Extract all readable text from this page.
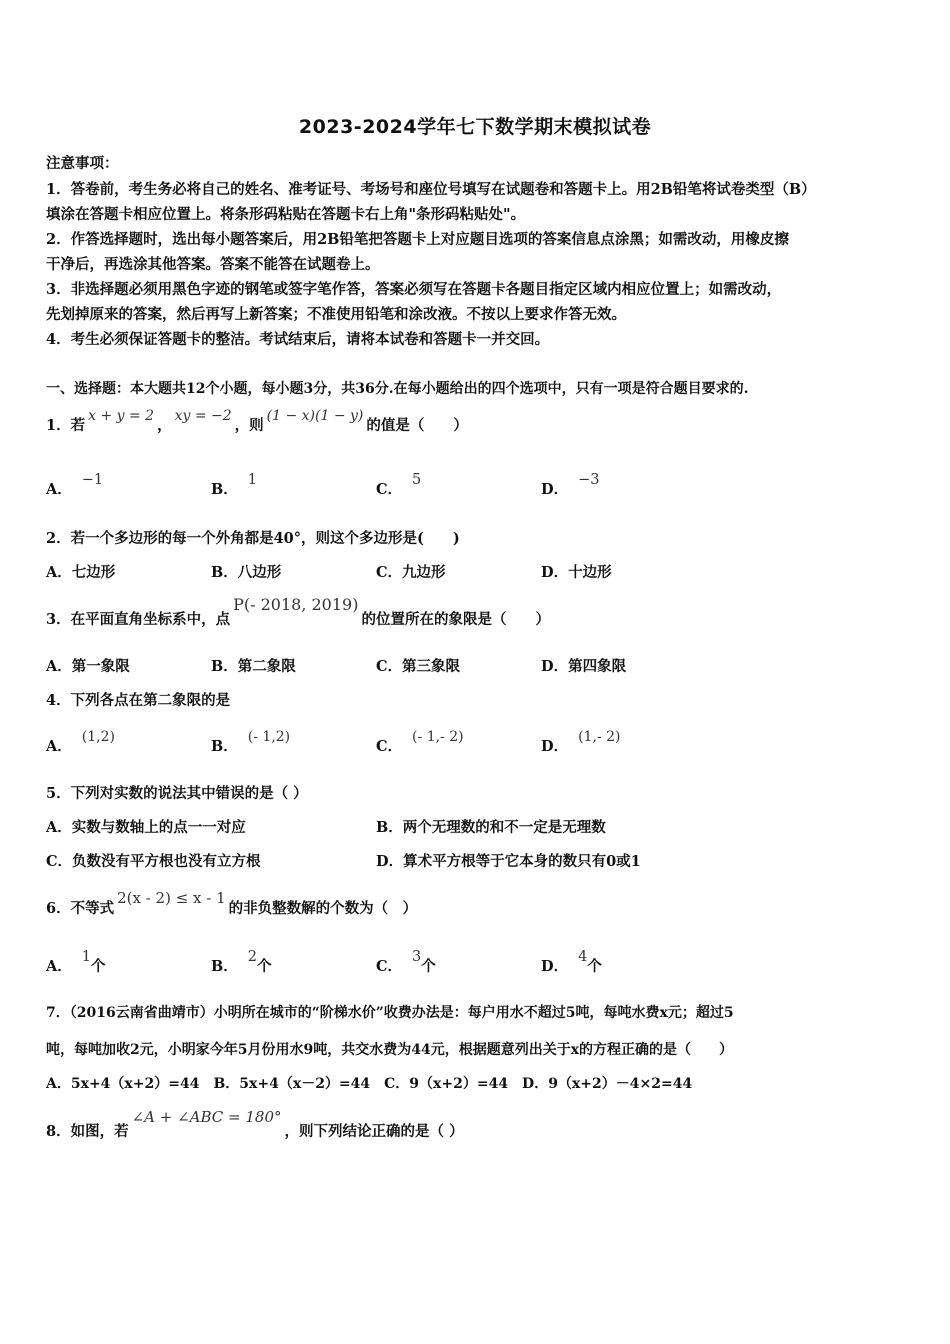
2023-2024学年七下数学期末模拟试卷
注意事项：
1．答卷前，考生务必将自己的姓名、准考证号、考场号和座位号填写在试题卷和答题卡上。用2B铅笔将试卷类型（B）
填涂在答题卡相应位置上。将条形码粘贴在答题卡右上角"条形码粘贴处"。
2．作答选择题时，选出每小题答案后，用2B铅笔把答题卡上对应题目选项的答案信息点涂黑；如需改动，用橡皮擦
干净后，再选涂其他答案。答案不能答在试题卷上。
3．非选择题必须用黑色字迹的钢笔或签字笔作答，答案必须写在答题卡各题目指定区域内相应位置上；如需改动，
先划掉原来的答案，然后再写上新答案；不准使用铅笔和涂改液。不按以上要求作答无效。
4．考生必须保证答题卡的整洁。考试结束后，请将本试卷和答题卡一并交回。
一、选择题：本大题共12个小题，每小题3分，共36分.在每小题给出的四个选项中，只有一项是符合题目要求的.
1．若x + y = 2，xy = −2，则(1 − x)(1 − y)的值是（　　）
A．−1
B．1
C．5
D．−3
2．若一个多边形的每一个外角都是40°，则这个多边形是(　　)
A．七边形	B．八边形	C．九边形	D．十边形
3．在平面直角坐标系中，点P(- 2018, 2019)的位置所在的象限是（　　）
A．第一象限	B．第二象限	C．第三象限	D．第四象限
4．下列各点在第二象限的是
A．(1,2)
B．(- 1,2)
C．(- 1,- 2)
D．(1,- 2)
5．下列对实数的说法其中错误的是（ ）
A．实数与数轴上的点一一对应	B．两个无理数的和不一定是无理数
C．负数没有平方根也没有立方根	D．算术平方根等于它本身的数只有0或1
6．不等式2(x - 2) ≤ x - 1的非负整数解的个数为（　）
A．1个	B．2个	C．3个	D．4个
7．（2016云南省曲靖市）小明所在城市的“阶梯水价”收费办法是：每户用水不超过5吨，每吨水费x元；超过5
吨，每吨加收2元，小明家今年5月份用水9吨，共交水费为44元，根据题意列出关于x的方程正确的是（　　）
A．5x+4（x+2）=44　B．5x+4（x－2）=44　C．9（x+2）=44　D．9（x+2）－4×2=44
8．如图，若∠A + ∠ABC = 180°，则下列结论正确的是（ ）
